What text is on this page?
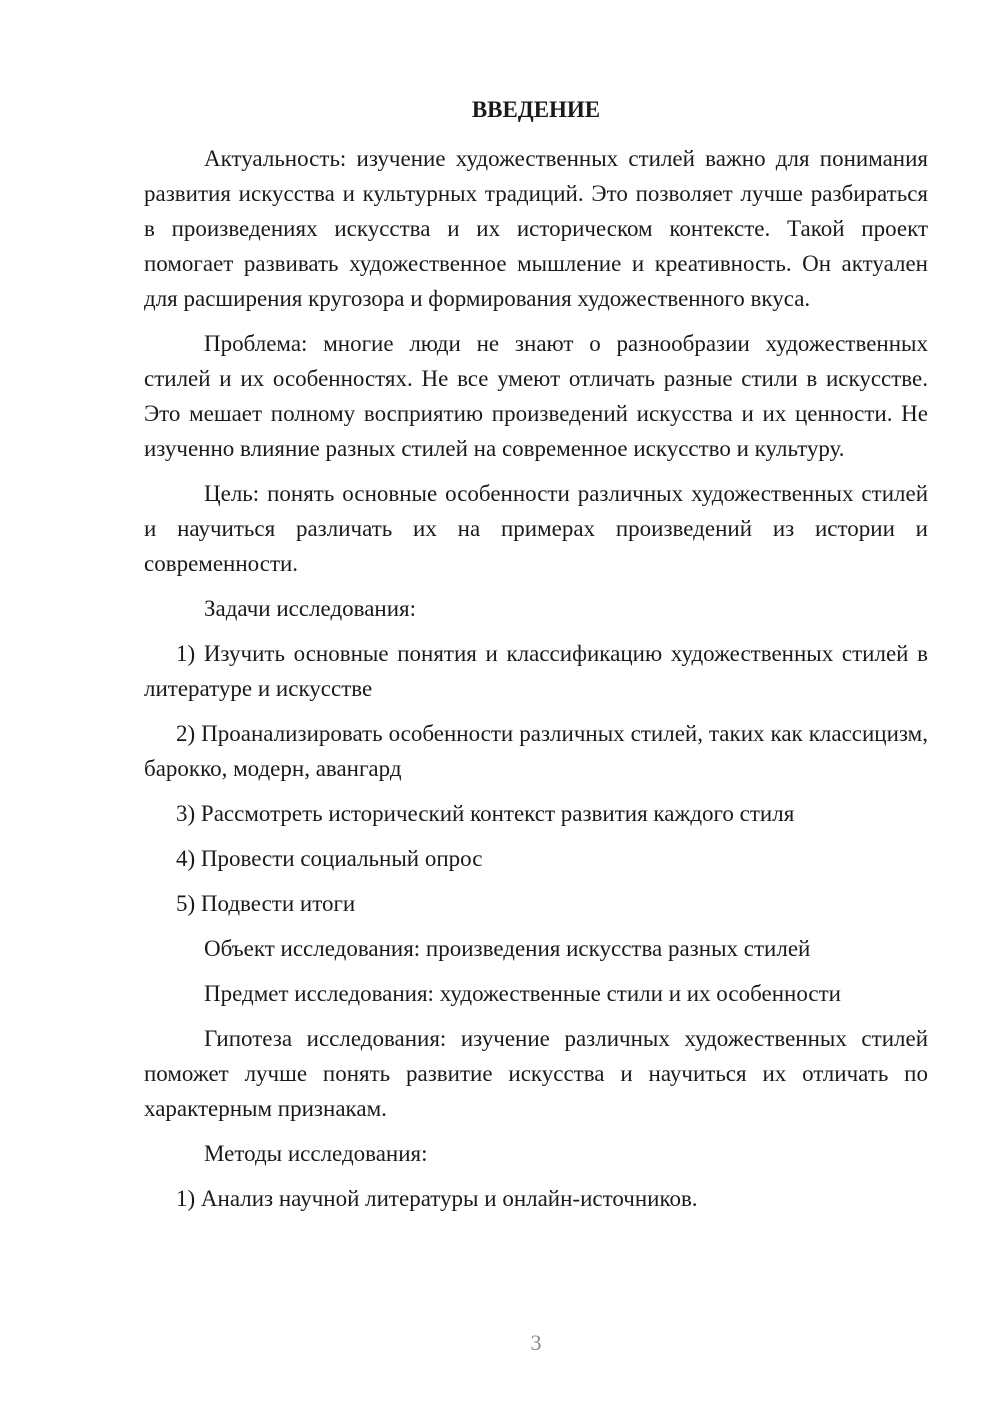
ВВЕДЕНИЕ

Актуальность: изучение художественных стилей важно для понимания развития искусства и культурных традиций. Это позволяет лучше разбираться в произведениях искусства и их историческом контексте. Такой проект помогает развивать художественное мышление и креативность. Он актуален для расширения кругозора и формирования художественного вкуса.

Проблема: многие люди не знают о разнообразии художественных стилей и их особенностях. Не все умеют отличать разные стили в искусстве. Это мешает полному восприятию произведений искусства и их ценности. Не изученно влияние разных стилей на современное искусство и культуру.

Цель: понять основные особенности различных художественных стилей и научиться различать их на примерах произведений из истории и современности.

Задачи исследования:

1) Изучить основные понятия и классификацию художественных стилей в литературе и искусстве

2) Проанализировать особенности различных стилей, таких как классицизм, барокко, модерн, авангард

3) Рассмотреть исторический контекст развития каждого стиля

4) Провести социальный опрос

5) Подвести итоги

Объект исследования: произведения искусства разных стилей

Предмет исследования: художественные стили и их особенности

Гипотеза исследования: изучение различных художественных стилей поможет лучше понять развитие искусства и научиться их отличать по характерным признакам.

Методы исследования:

1) Анализ научной литературы и онлайн-источников.

3
